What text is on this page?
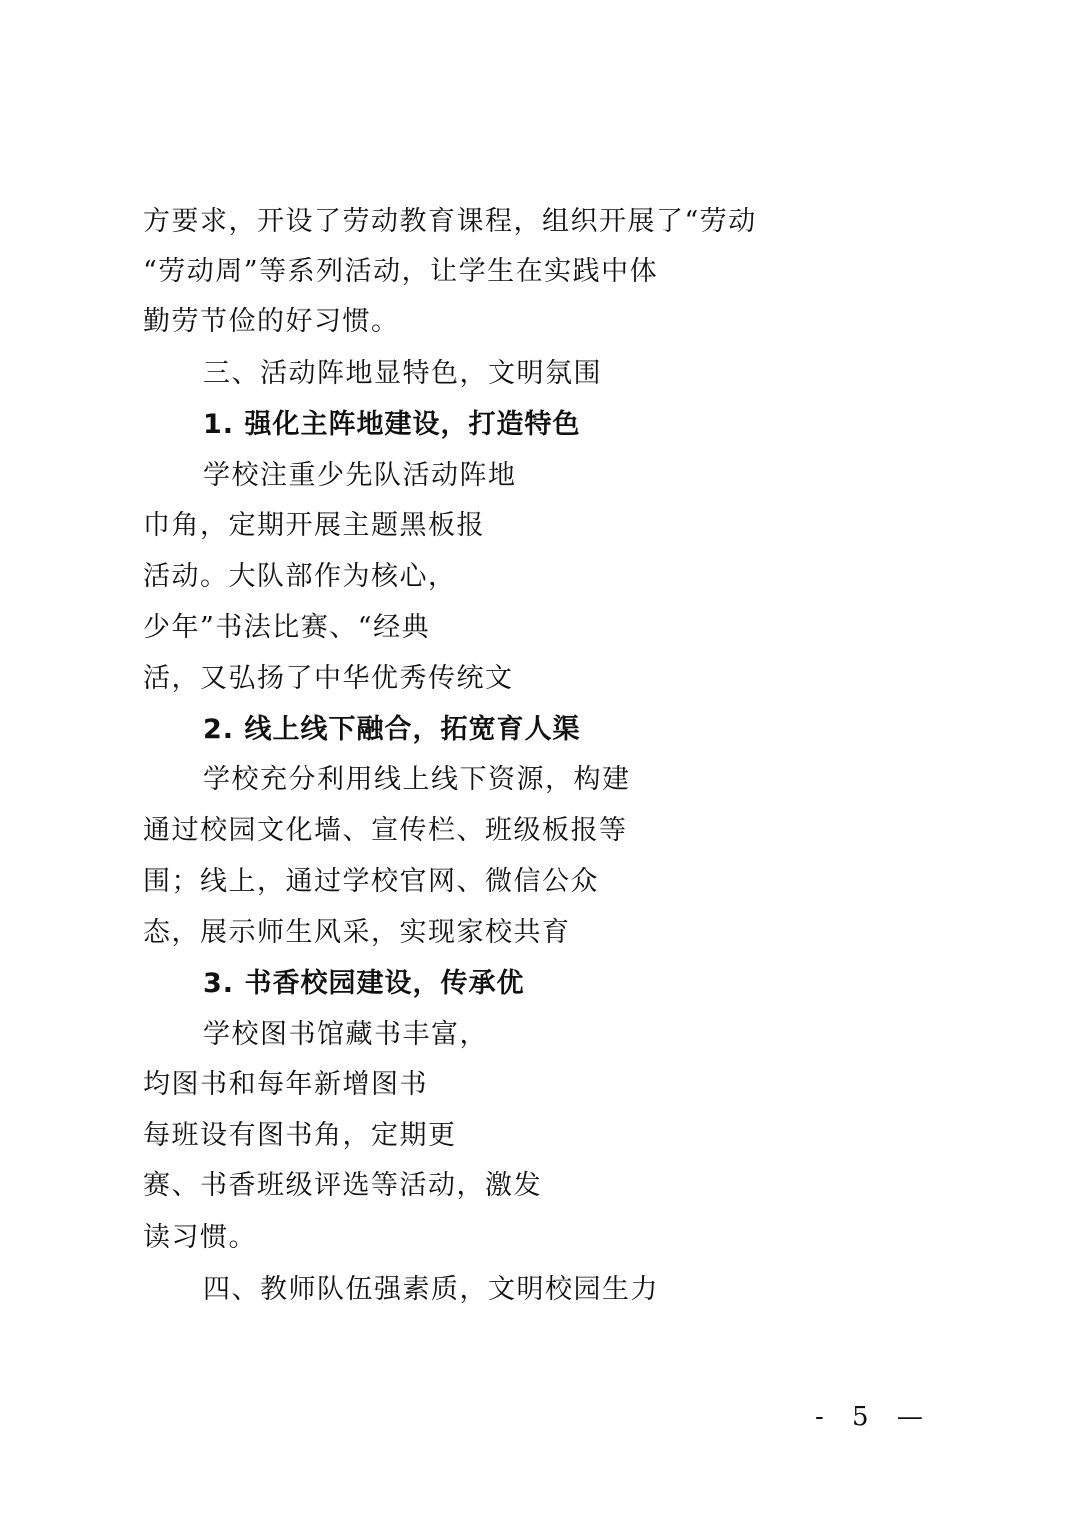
方要求，开设了劳动教育课程，组织开展了“劳动
“劳动周”等系列活动，让学生在实践中体
勤劳节俭的好习惯。
三、活动阵地显特色，文明氛围
1. 强化主阵地建设，打造特色
学校注重少先队活动阵地
巾角，定期开展主题黑板报
活动。大队部作为核心，
少年”书法比赛、“经典
活，又弘扬了中华优秀传统文
2. 线上线下融合，拓宽育人渠
学校充分利用线上线下资源，构建
通过校园文化墙、宣传栏、班级板报等
围；线上，通过学校官网、微信公众
态，展示师生风采，实现家校共育
3. 书香校园建设，传承优
学校图书馆藏书丰富，
均图书和每年新增图书
每班设有图书角，定期更
赛、书香班级评选等活动，激发
读习惯。
四、教师队伍强素质，文明校园生力
- 5 —
